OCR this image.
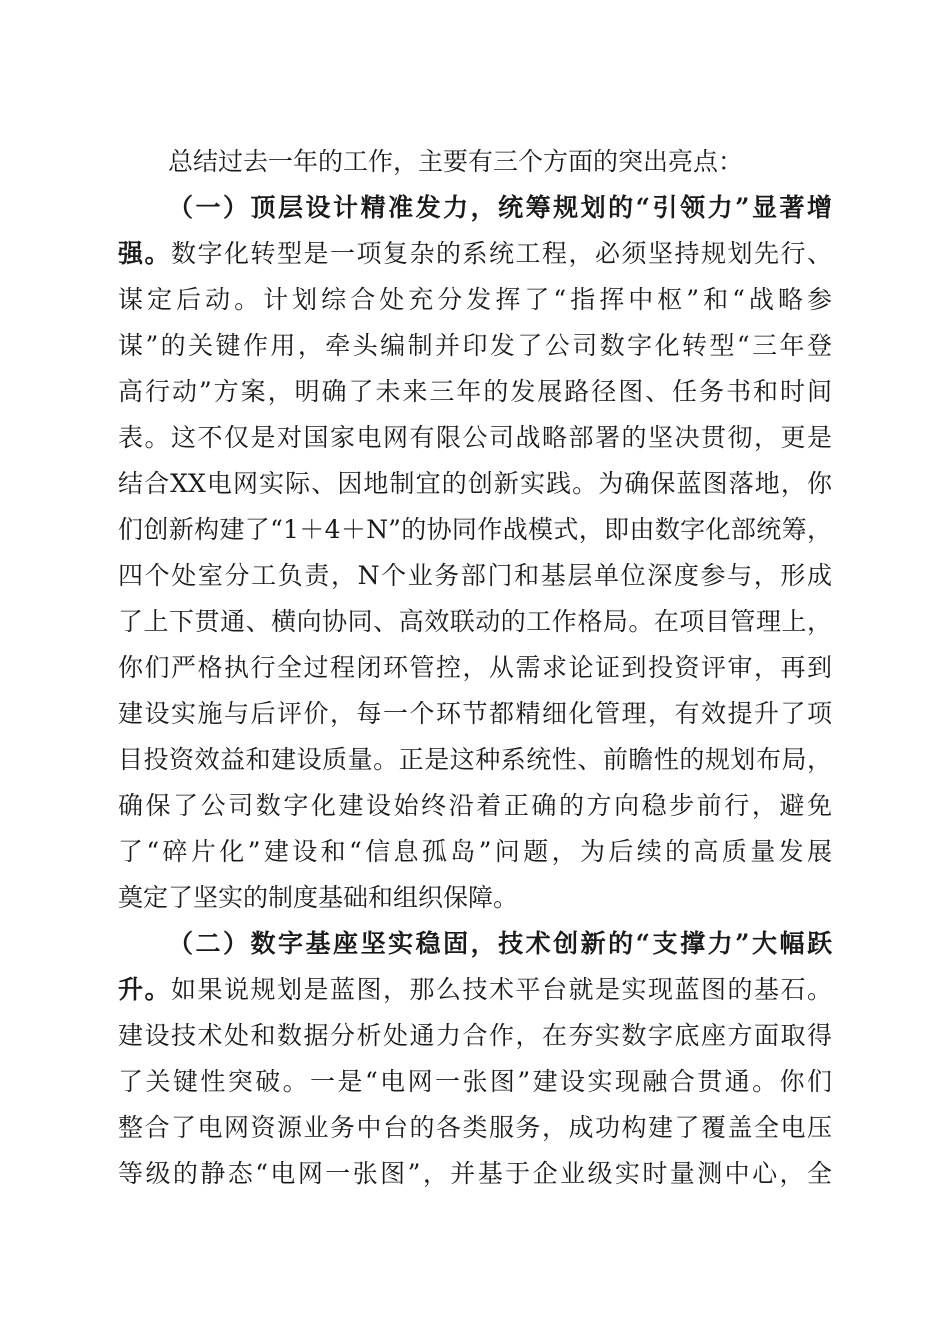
总结过去一年的工作，主要有三个方面的突出亮点：
（一）顶层设计精准发力，统筹规划的“引领力”显著增
强。数字化转型是一项复杂的系统工程，必须坚持规划先行、
谋定后动。计划综合处充分发挥了“指挥中枢”和“战略参
谋”的关键作用，牵头编制并印发了公司数字化转型“三年登
高行动”方案，明确了未来三年的发展路径图、任务书和时间
表。这不仅是对国家电网有限公司战略部署的坚决贯彻，更是
结合XX电网实际、因地制宜的创新实践。为确保蓝图落地，你
们创新构建了“1＋4＋N”的协同作战模式，即由数字化部统筹，
四个处室分工负责，N个业务部门和基层单位深度参与，形成
了上下贯通、横向协同、高效联动的工作格局。在项目管理上，
你们严格执行全过程闭环管控，从需求论证到投资评审，再到
建设实施与后评价，每一个环节都精细化管理，有效提升了项
目投资效益和建设质量。正是这种系统性、前瞻性的规划布局，
确保了公司数字化建设始终沿着正确的方向稳步前行，避免
了“碎片化”建设和“信息孤岛”问题，为后续的高质量发展
奠定了坚实的制度基础和组织保障。
（二）数字基座坚实稳固，技术创新的“支撑力”大幅跃
升。如果说规划是蓝图，那么技术平台就是实现蓝图的基石。
建设技术处和数据分析处通力合作，在夯实数字底座方面取得
了关键性突破。一是“电网一张图”建设实现融合贯通。你们
整合了电网资源业务中台的各类服务，成功构建了覆盖全电压
等级的静态“电网一张图”，并基于企业级实时量测中心，全
